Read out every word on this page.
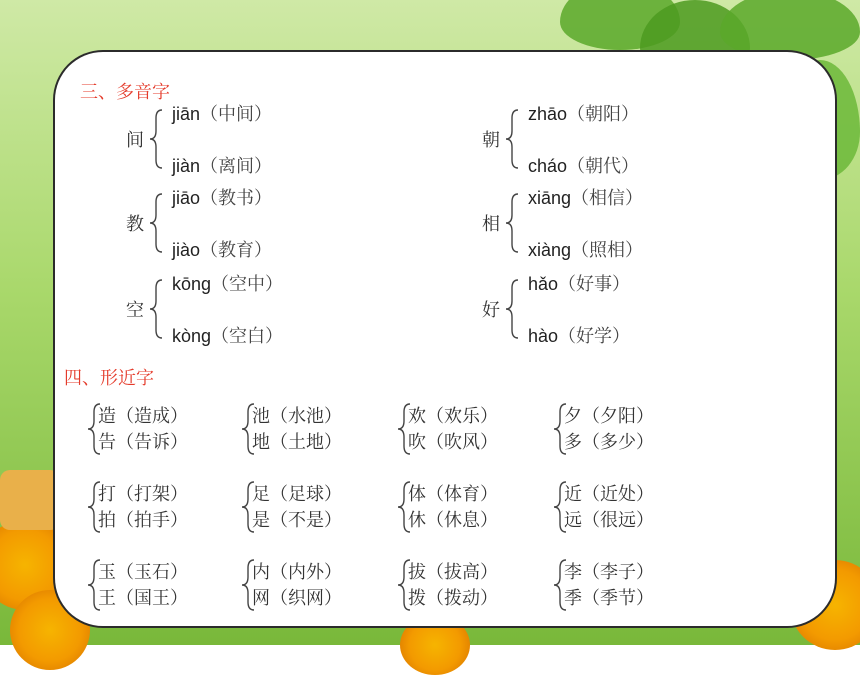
三、多音字
间
jiān（中间）
jiàn（离间）
朝
zhāo（朝阳）
cháo（朝代）
教
jiāo（教书）
jiào（教育）
相
xiāng（相信）
xiàng（照相）
空
kōng（空中）
kòng（空白）
好
hǎo（好事）
hào（好学）
四、形近字
造（造成）
告（告诉）
池（水池）
地（土地）
欢（欢乐）
吹（吹风）
夕（夕阳）
多（多少）
打（打架）
拍（拍手）
足（足球）
是（不是）
体（体育）
休（休息）
近（近处）
远（很远）
玉（玉石）
王（国王）
内（内外）
网（织网）
拔（拔高）
拨（拨动）
李（李子）
季（季节）
